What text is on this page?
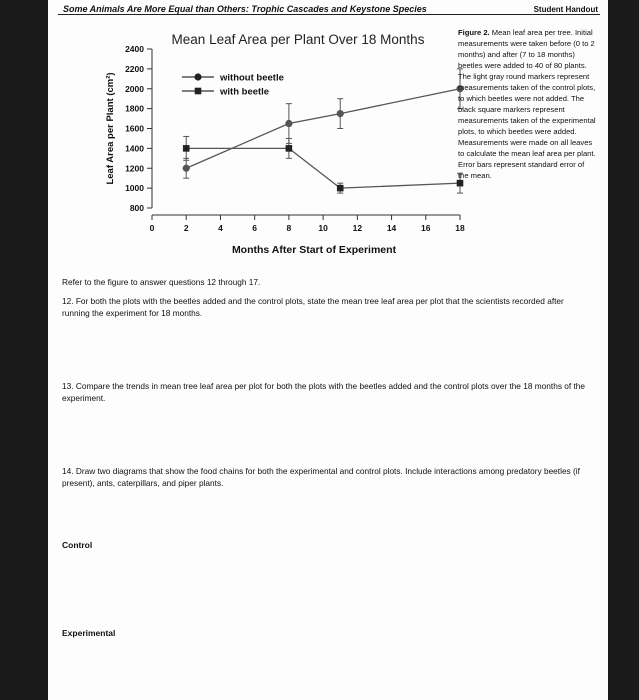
Some Animals Are More Equal than Others: Trophic Cascades and Keystone Species	Student Handout
Mean Leaf Area per Plant Over 18 Months
800
1000
1200
1400
1600
1800
2000
2200
2400
0	2	4	6	8	10	12	14	16	18
Months After Start of Experiment
Leaf Area per Plant (cm²)	without beetle
with beetle
Figure 2. Mean leaf area per tree. Initial measurements were taken before (0 to 2 months) and after (7 to 18 months) beetles were added to 40 of 80 plants. The light gray round markers represent measurements taken of the control plots, to which beetles were not added. The black square markers represent measurements taken of the experimental plots, to which beetles were added. Measurements were made on all leaves to calculate the mean leaf area per plant. Error bars represent standard error of the mean.
Refer to the figure to answer questions 12 through 17.
12. For both the plots with the beetles added and the control plots, state the mean tree leaf area per plot that the scientists recorded after running the experiment for 18 months.
13. Compare the trends in mean tree leaf area per plot for both the plots with the beetles added and the control plots over the 18 months of the experiment.
14. Draw two diagrams that show the food chains for both the experimental and control plots. Include interactions among predatory beetles (if present), ants, caterpillars, and piper plants.
Control
Experimental
